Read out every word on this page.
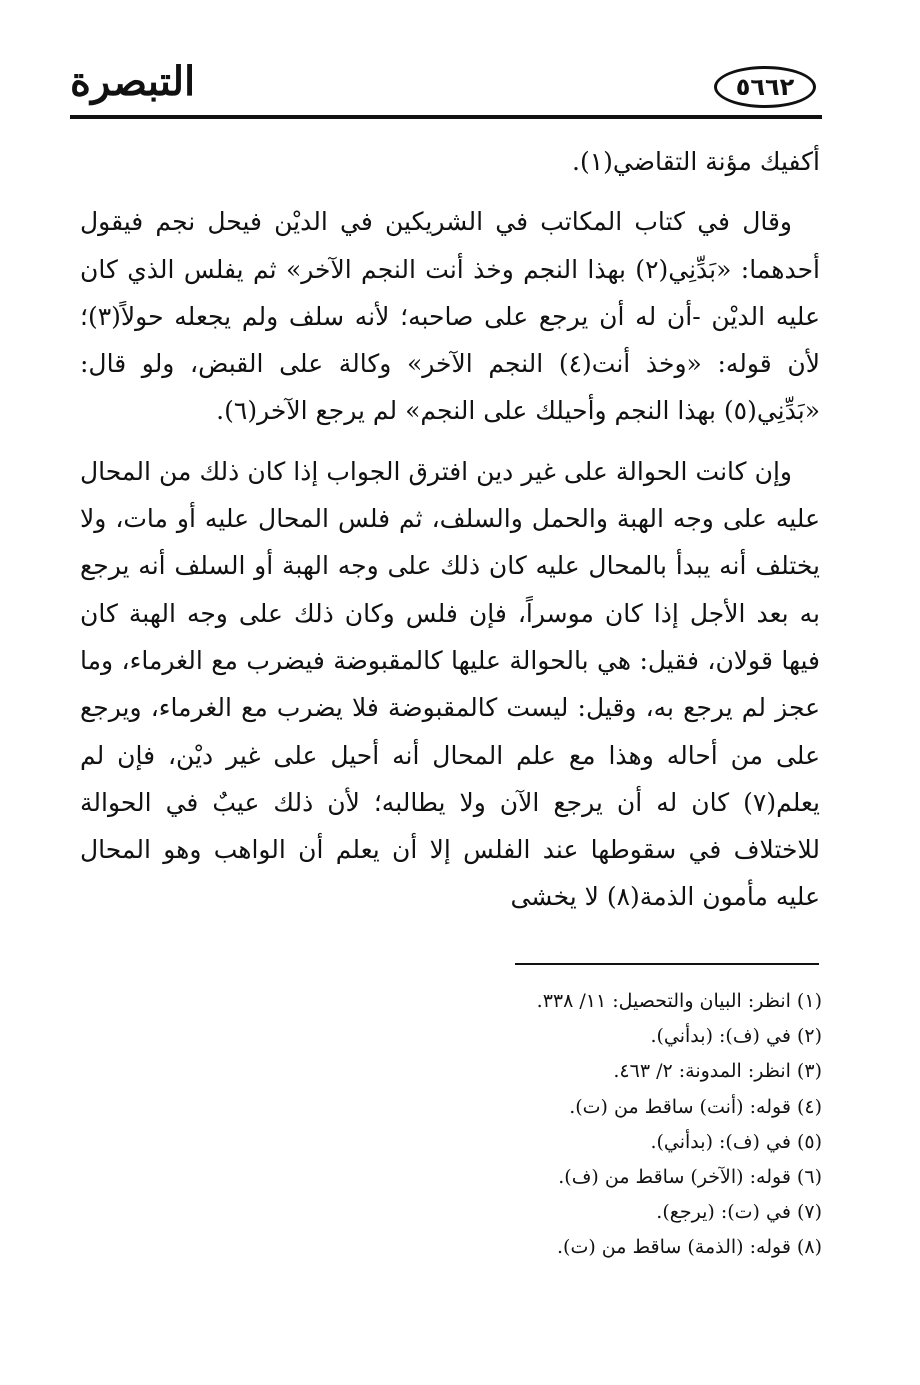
٥٦٦٢
التبصرة

أكفيك مؤنة التقاضي(١).

وقال في كتاب المكاتب في الشريكين في الديْن فيحل نجم فيقول أحدهما: «بَدِّنِي(٢) بهذا النجم وخذ أنت النجم الآخر» ثم يفلس الذي كان عليه الديْن -أن له أن يرجع على صاحبه؛ لأنه سلف ولم يجعله حولاً(٣)؛ لأن قوله: «وخذ أنت(٤) النجم الآخر» وكالة على القبض، ولو قال: «بَدِّنِي(٥) بهذا النجم وأحيلك على النجم» لم يرجع الآخر(٦).

وإن كانت الحوالة على غير دين افترق الجواب إذا كان ذلك من المحال عليه على وجه الهبة والحمل والسلف، ثم فلس المحال عليه أو مات، ولا يختلف أنه يبدأ بالمحال عليه كان ذلك على وجه الهبة أو السلف أنه يرجع به بعد الأجل إذا كان موسراً، فإن فلس وكان ذلك على وجه الهبة كان فيها قولان، فقيل: هي بالحوالة عليها كالمقبوضة فيضرب مع الغرماء، وما عجز لم يرجع به، وقيل: ليست كالمقبوضة فلا يضرب مع الغرماء، ويرجع على من أحاله وهذا مع علم المحال أنه أحيل على غير ديْن، فإن لم يعلم(٧) كان له أن يرجع الآن ولا يطالبه؛ لأن ذلك عيبٌ في الحوالة للاختلاف في سقوطها عند الفلس إلا أن يعلم أن الواهب وهو المحال عليه مأمون الذمة(٨) لا يخشى

(١) انظر: البيان والتحصيل: ١١/ ٣٣٨.
(٢) في (ف): (بدأني).
(٣) انظر: المدونة: ٢/ ٤٦٣.
(٤) قوله: (أنت) ساقط من (ت).
(٥) في (ف): (بدأني).
(٦) قوله: (الآخر) ساقط من (ف).
(٧) في (ت): (يرجع).
(٨) قوله: (الذمة) ساقط من (ت).
